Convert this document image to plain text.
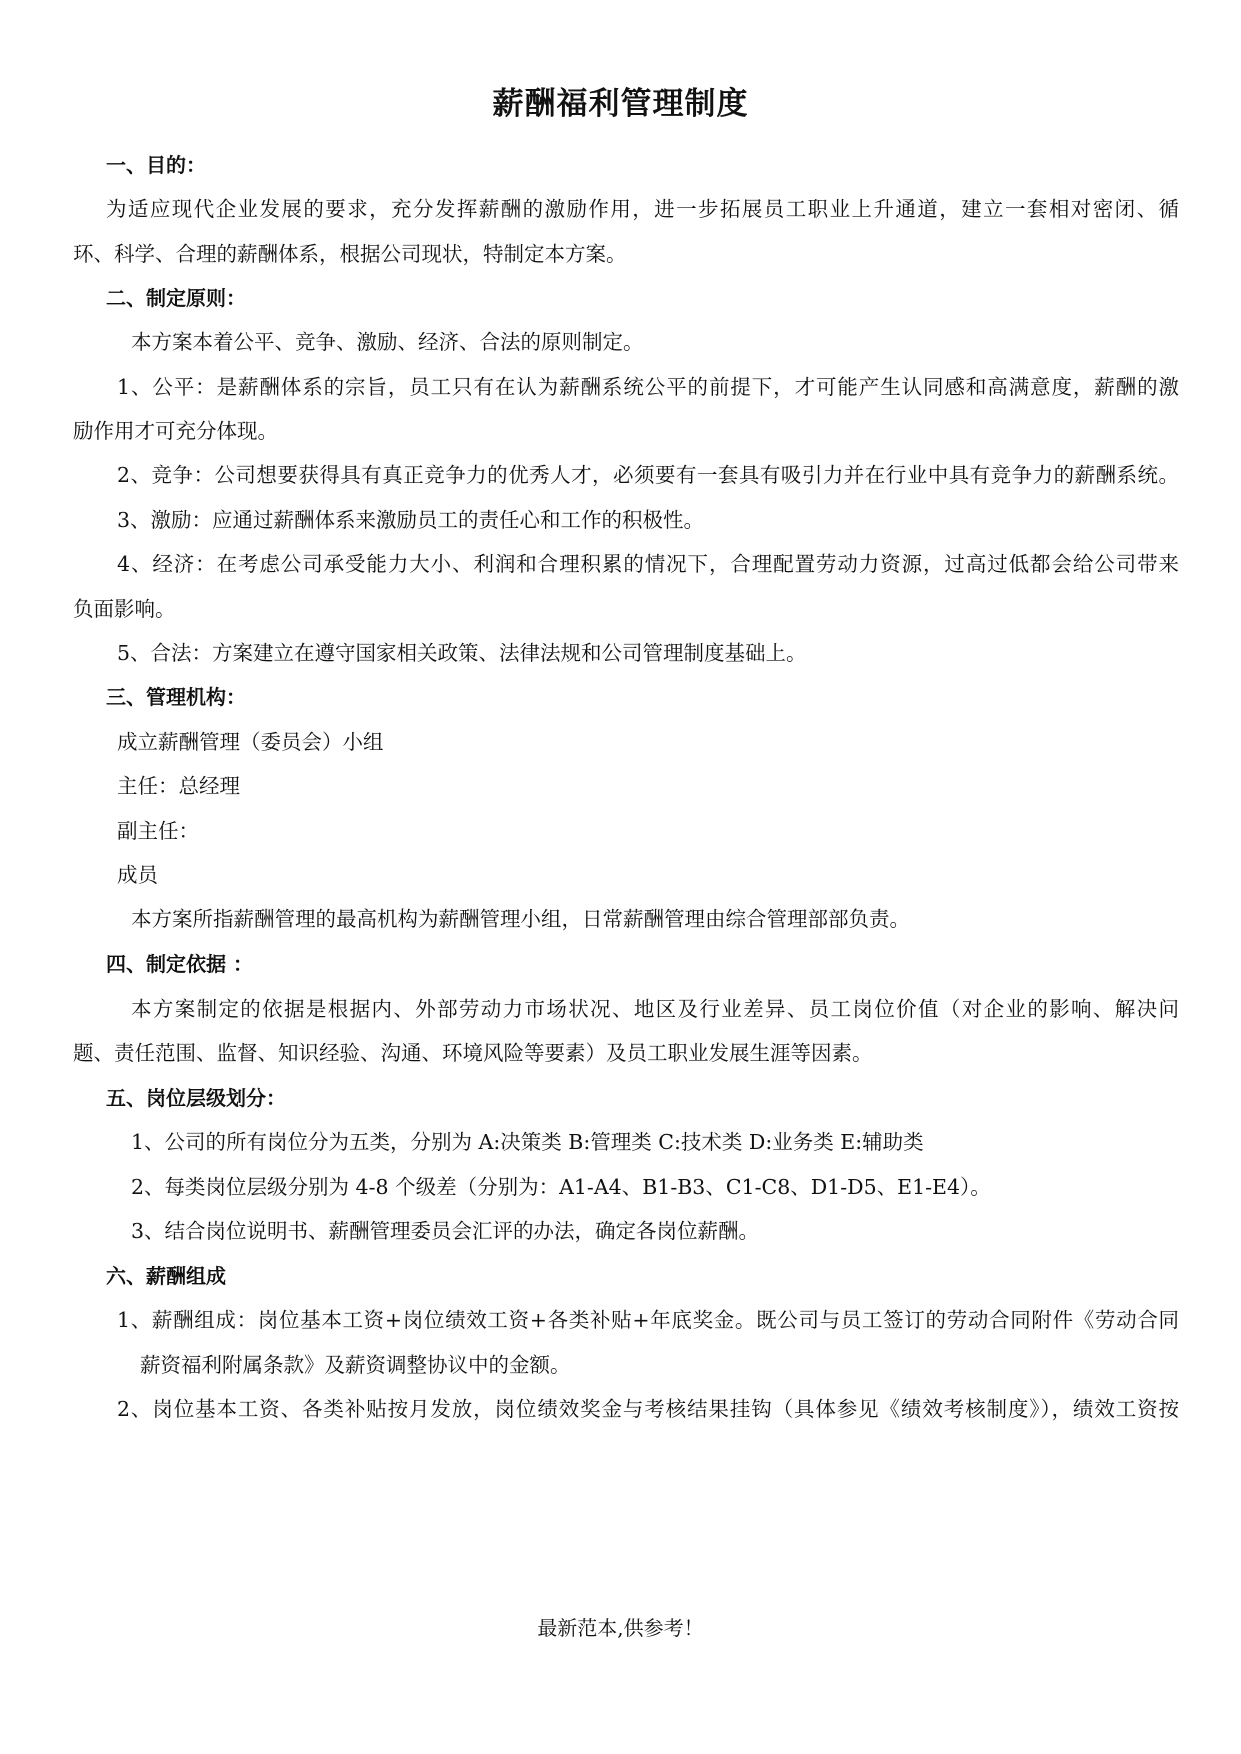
薪酬福利管理制度
一、目的：
为适应现代企业发展的要求，充分发挥薪酬的激励作用，进一步拓展员工职业上升通道，建立一套相对密闭、循
环、科学、合理的薪酬体系，根据公司现状，特制定本方案。
二、制定原则：
本方案本着公平、竞争、激励、经济、合法的原则制定。
1、公平：是薪酬体系的宗旨，员工只有在认为薪酬系统公平的前提下，才可能产生认同感和高满意度，薪酬的激
励作用才可充分体现。
2、竞争：公司想要获得具有真正竞争力的优秀人才，必须要有一套具有吸引力并在行业中具有竞争力的薪酬系统。
3、激励：应通过薪酬体系来激励员工的责任心和工作的积极性。
4、经济：在考虑公司承受能力大小、利润和合理积累的情况下，合理配置劳动力资源，过高过低都会给公司带来
负面影响。
5、合法：方案建立在遵守国家相关政策、法律法规和公司管理制度基础上。
三、管理机构：
成立薪酬管理（委员会）小组
主任：总经理
副主任：
成员
本方案所指薪酬管理的最高机构为薪酬管理小组，日常薪酬管理由综合管理部部负责。
四、制定依据 ：
本方案制定的依据是根据内、外部劳动力市场状况、地区及行业差异、员工岗位价值（对企业的影响、解决问
题、责任范围、监督、知识经验、沟通、环境风险等要素）及员工职业发展生涯等因素。
五、岗位层级划分：
1、公司的所有岗位分为五类，分别为 A:决策类 B:管理类 C:技术类 D:业务类 E:辅助类
2、每类岗位层级分别为 4-8 个级差（分别为：A1-A4、B1-B3、C1-C8、D1-D5、E1-E4）。
3、结合岗位说明书、薪酬管理委员会汇评的办法，确定各岗位薪酬。
六、薪酬组成
1、薪酬组成：岗位基本工资+岗位绩效工资+各类补贴+年底奖金。既公司与员工签订的劳动合同附件《劳动合同
薪资福利附属条款》及薪资调整协议中的金额。
2、岗位基本工资、各类补贴按月发放，岗位绩效奖金与考核结果挂钩（具体参见《绩效考核制度》），绩效工资按
最新范本,供参考！
